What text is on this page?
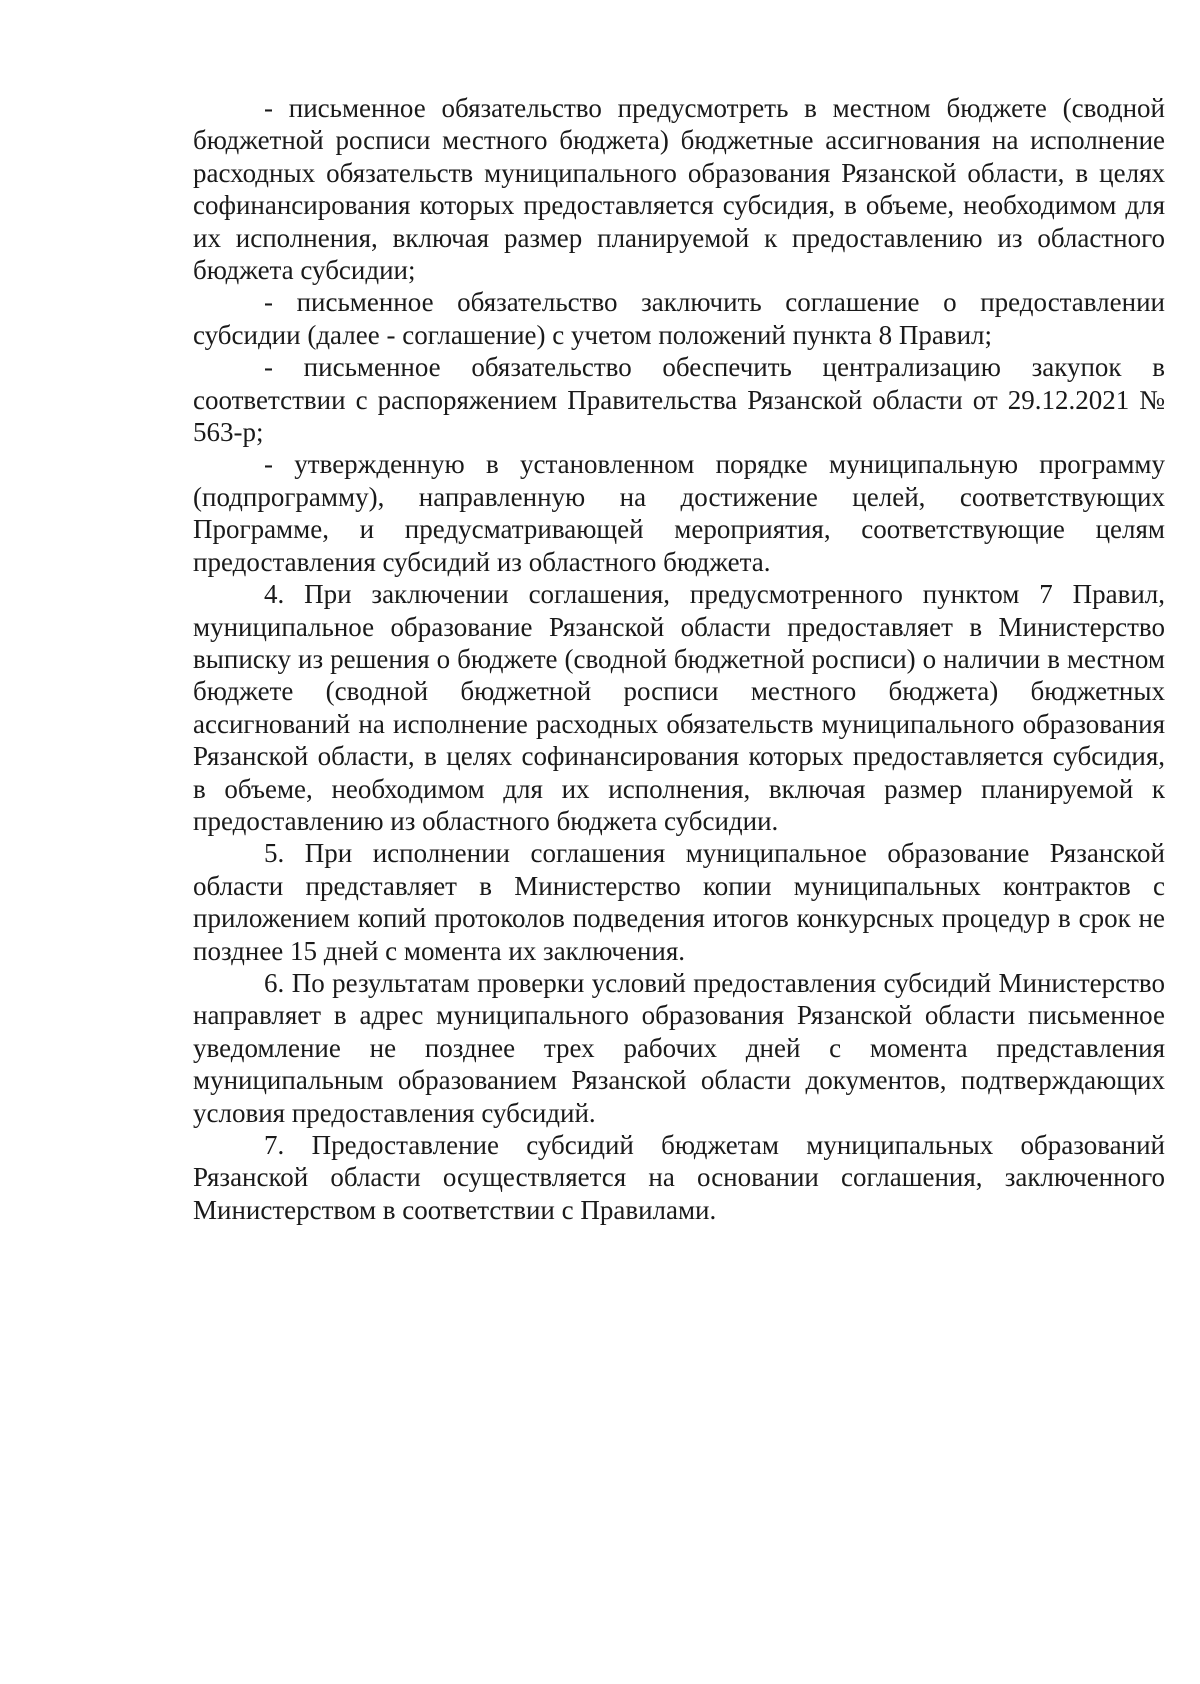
- письменное обязательство предусмотреть в местном бюджете (сводной бюджетной росписи местного бюджета) бюджетные ассигнования на исполнение расходных обязательств муниципального образования Рязанской области, в целях софинансирования которых предоставляется субсидия, в объеме, необходимом для их исполнения, включая размер планируемой к предоставлению из областного бюджета субсидии;

- письменное обязательство заключить соглашение о предоставлении субсидии (далее - соглашение) с учетом положений пункта 8 Правил;

- письменное обязательство обеспечить централизацию закупок в соответствии с распоряжением Правительства Рязанской области от 29.12.2021 № 563-р;

- утвержденную в установленном порядке муниципальную программу (подпрограмму), направленную на достижение целей, соответствующих Программе, и предусматривающей мероприятия, соответствующие целям предоставления субсидий из областного бюджета.

4. При заключении соглашения, предусмотренного пунктом 7 Правил, муниципальное образование Рязанской области предоставляет в Министерство выписку из решения о бюджете (сводной бюджетной росписи) о наличии в местном бюджете (сводной бюджетной росписи местного бюджета) бюджетных ассигнований на исполнение расходных обязательств муниципального образования Рязанской области, в целях софинансирования которых предоставляется субсидия, в объеме, необходимом для их исполнения, включая размер планируемой к предоставлению из областного бюджета субсидии.

5. При исполнении соглашения муниципальное образование Рязанской области представляет в Министерство копии муниципальных контрактов с приложением копий протоколов подведения итогов конкурсных процедур в срок не позднее 15 дней с момента их заключения.

6. По результатам проверки условий предоставления субсидий Министерство направляет в адрес муниципального образования Рязанской области письменное уведомление не позднее трех рабочих дней с момента представления муниципальным образованием Рязанской области документов, подтверждающих условия предоставления субсидий.

7. Предоставление субсидий бюджетам муниципальных образований Рязанской области осуществляется на основании соглашения, заключенного Министерством в соответствии с Правилами.
